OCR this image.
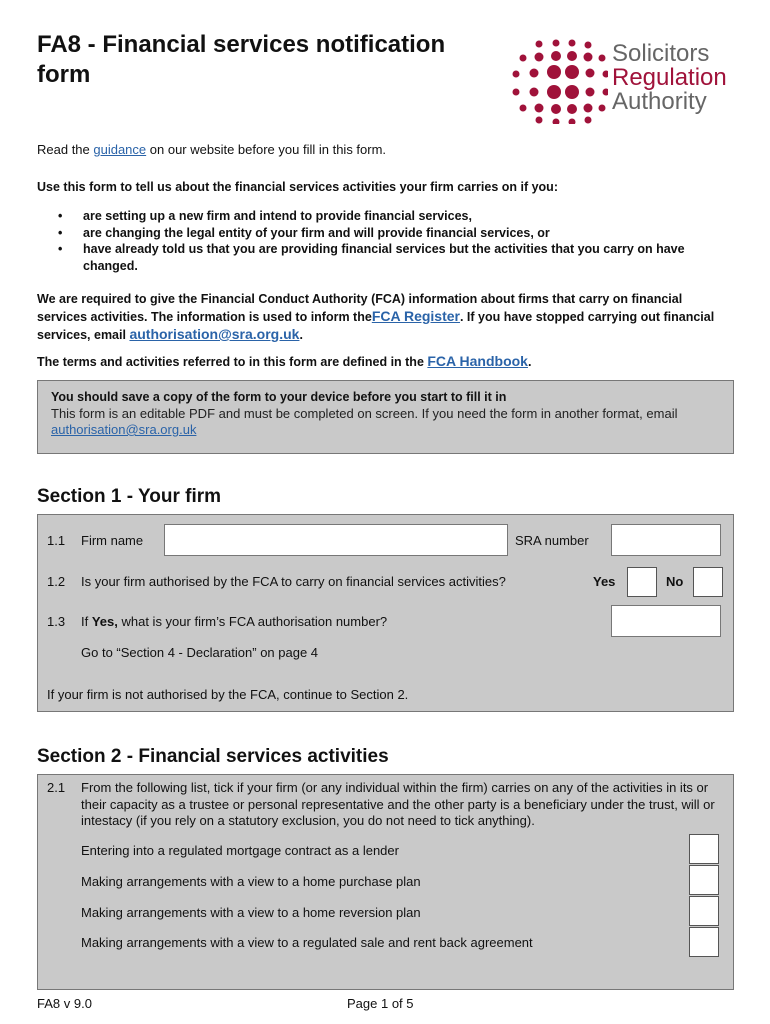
FA8 - Financial services notification form
Solicitors
Regulation
Authority
Read the guidance on our website before you fill in this form.
Use this form to tell us about the financial services activities your firm carries on if you:
• are setting up a new firm and intend to provide financial services,
• are changing the legal entity of your firm and will provide financial services, or
• have already told us that you are providing financial services but the activities that you carry on have changed.
We are required to give the Financial Conduct Authority (FCA) information about firms that carry on financial services activities. The information is used to inform theFCA Register. If you have stopped carrying out financial services, email authorisation@sra.org.uk.
The terms and activities referred to in this form are defined in the FCA Handbook.
You should save a copy of the form to your device before you start to fill it in
This form is an editable PDF and must be completed on screen. If you need the form in another format, email authorisation@sra.org.uk
Section 1 - Your firm
1.1 Firm name	SRA number
1.2 Is your firm authorised by the FCA to carry on financial services activities?	Yes	No
1.3 If Yes, what is your firm’s FCA authorisation number?
Go to “Section 4 - Declaration” on page 4
If your firm is not authorised by the FCA, continue to Section 2.
Section 2 - Financial services activities
2.1 From the following list, tick if your firm (or any individual within the firm) carries on any of the activities in its or their capacity as a trustee or personal representative and the other party is a beneficiary under the trust, will or intestacy (if you rely on a statutory exclusion, you do not need to tick anything).
Entering into a regulated mortgage contract as a lender
Making arrangements with a view to a home purchase plan
Making arrangements with a view to a home reversion plan
Making arrangements with a view to a regulated sale and rent back agreement
FA8 v 9.0	Page 1 of 5
